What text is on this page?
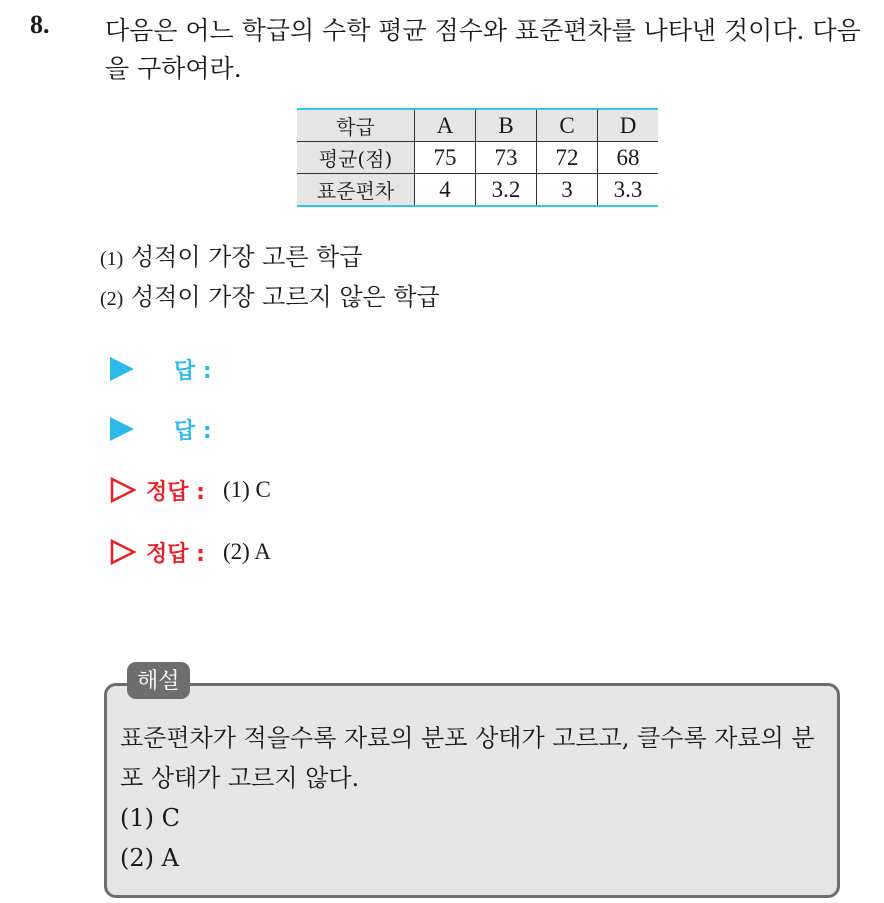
8. 다음은 어느 학급의 수학 평균 점수와 표준편차를 나타낸 것이다. 다음을 구하여라.
학급	A	B	C	D
평균(점)	75	73	72	68
표준편차	4	3.2	3	3.3
(1) 성적이 가장 고른 학급
(2) 성적이 가장 고르지 않은 학급
답 :
답 :
정답 : (1) C
정답 : (2) A
해설
표준편차가 적을수록 자료의 분포 상태가 고르고, 클수록 자료의 분포 상태가 고르지 않다.
(1) C
(2) A
